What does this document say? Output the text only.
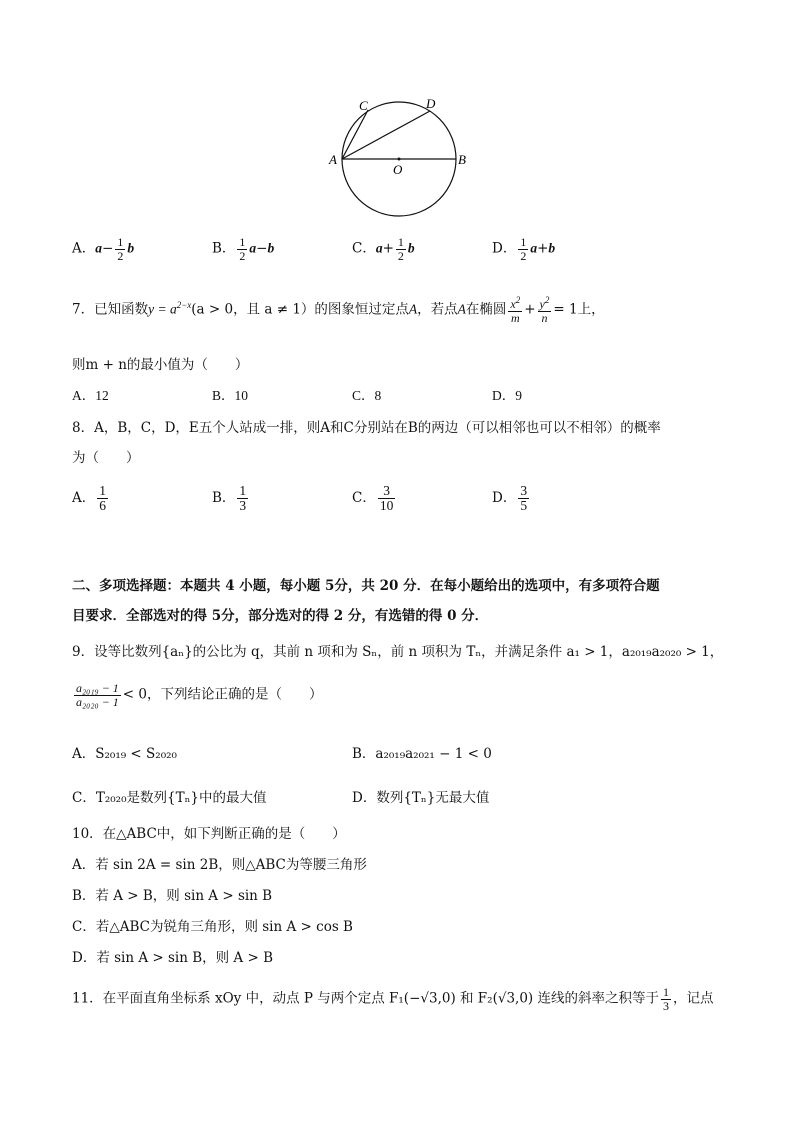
A	B
C	D
O
A．$a- \frac{1}{2}$ b	B． $\frac{1}{2} a-b$	C．$a+ \frac{1}{2}$ b	D． $\frac{1}{2} a+b$
7．已知函数$y = a^{2-x}(a > 0$，且 a ≠ 1）的图象恒过定点A，若点A在椭圆 $\frac{x^2}{m} + \frac{y^2}{n} = 1$上，
则m + n的最小值为（　　）
A．12	B．10	C．8	D．9
8．A，B，C，D，E五个人站成一排，则A和C分别站在B的两边（可以相邻也可以不相邻）的概率
为（　　）
A． $\frac{1}{6}$	B． $\frac{1}{3}$	C． $\frac{3}{10}$	D． $\frac{3}{5}$
二、多项选择题：本题共 4 小题，每小题 5分，共 20 分．在每小题给出的选项中，有多项符合题
目要求．全部选对的得 5分，部分选对的得 2 分，有选错的得 0 分．
9．设等比数列{aₙ}的公比为 q，其前 n 项和为 Sₙ，前 n 项积为 Tₙ，并满足条件 a₁ > 1，a₂₀₁₉a₂₀₂₀ > 1，
$\frac{\text{a₂₀₁₉ − 1}}{\text{a₂₀₂₀ − 1}} < 0$，下列结论正确的是（　　）
A．S₂₀₁₉ < S₂₀₂₀	B．a₂₀₁₉a₂₀₂₁ − 1 < 0
C．T₂₀₂₀是数列{Tₙ}中的最大值	D．数列{Tₙ}无最大值
10．在△ABC中，如下判断正确的是（　　）
A．若 sin 2A = sin 2B，则△ABC为等腰三角形
B．若 A > B，则 sin A > sin B
C．若△ABC为锐角三角形，则 sin A > cos B
D．若 sin A > sin B，则 A > B
11．在平面直角坐标系 xOy 中，动点 P 与两个定点 F₁(−√3,0) 和 F₂(√3,0) 连线的斜率之积等于 $\frac{1}{3}$ ，记点
